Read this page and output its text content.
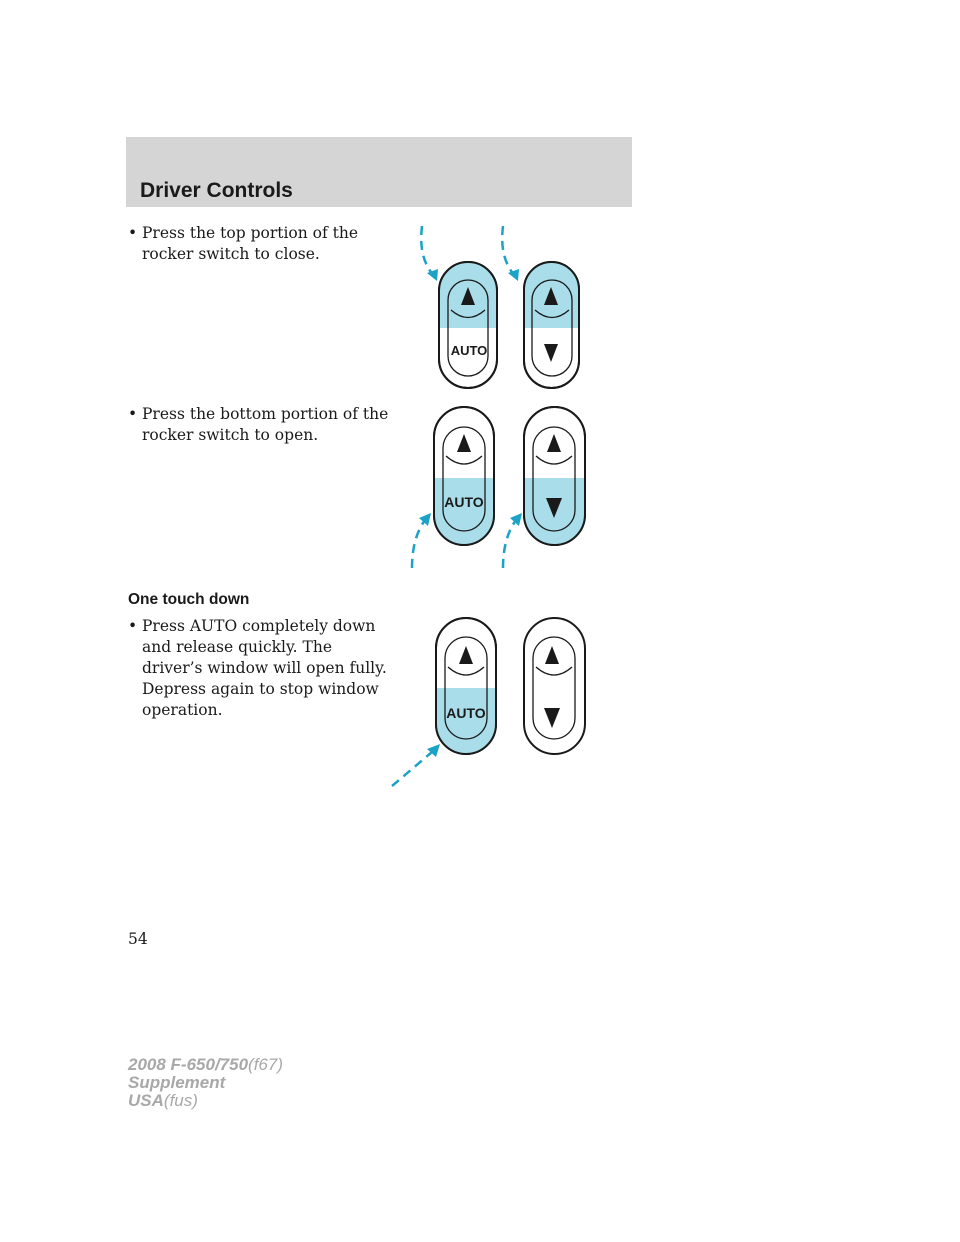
Driver Controls
• Press the top portion of the rocker switch to close.
• Press the bottom portion of the rocker switch to open.
One touch down
• Press AUTO completely down and release quickly. The driver’s window will open fully. Depress again to stop window operation.
AUTO
AUTO
AUTO
54
2008 F-650/750(f67)
Supplement
USA(fus)
